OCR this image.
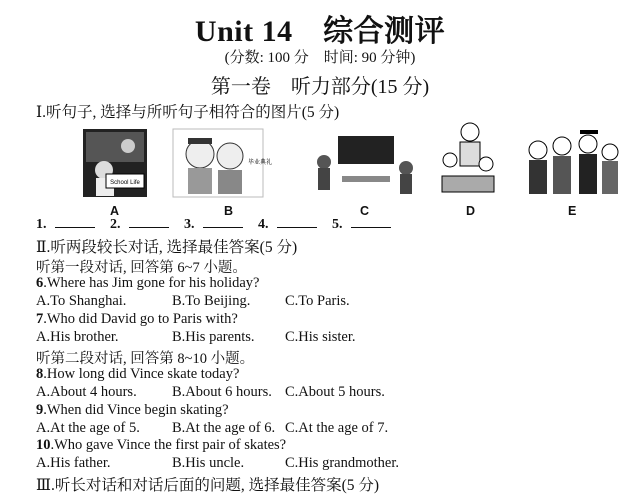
Unit 14　综合测评
(分数: 100 分　时间: 90 分钟)
第一卷　听力部分(15 分)
Ⅰ.听句子, 选择与所听句子相符合的图片(5 分)
School Life
A
毕业典礼
B	C	D	E
1.	2.	3.	4.	5.
Ⅱ.听两段较长对话, 选择最佳答案(5 分)
听第一段对话, 回答第 6~7 小题。
6.Where has Jim gone for his holiday?
A.To Shanghai.	B.To Beijing. C.To Paris.
7.Who did David go to Paris with?
A.His brother.	B.His parents. C.His sister.
听第二段对话, 回答第 8~10 小题。
8.How long did Vince skate today?
A.About 4 hours. B.About 6 hours. C.About 5 hours.
9.When did Vince begin skating?
A.At the age of 5. B.At the age of 6. C.At the age of 7.
10.Who gave Vince the first pair of skates?
A.His father.	B.His uncle.	C.His grandmother.
Ⅲ.听长对话和对话后面的问题, 选择最佳答案(5 分)
